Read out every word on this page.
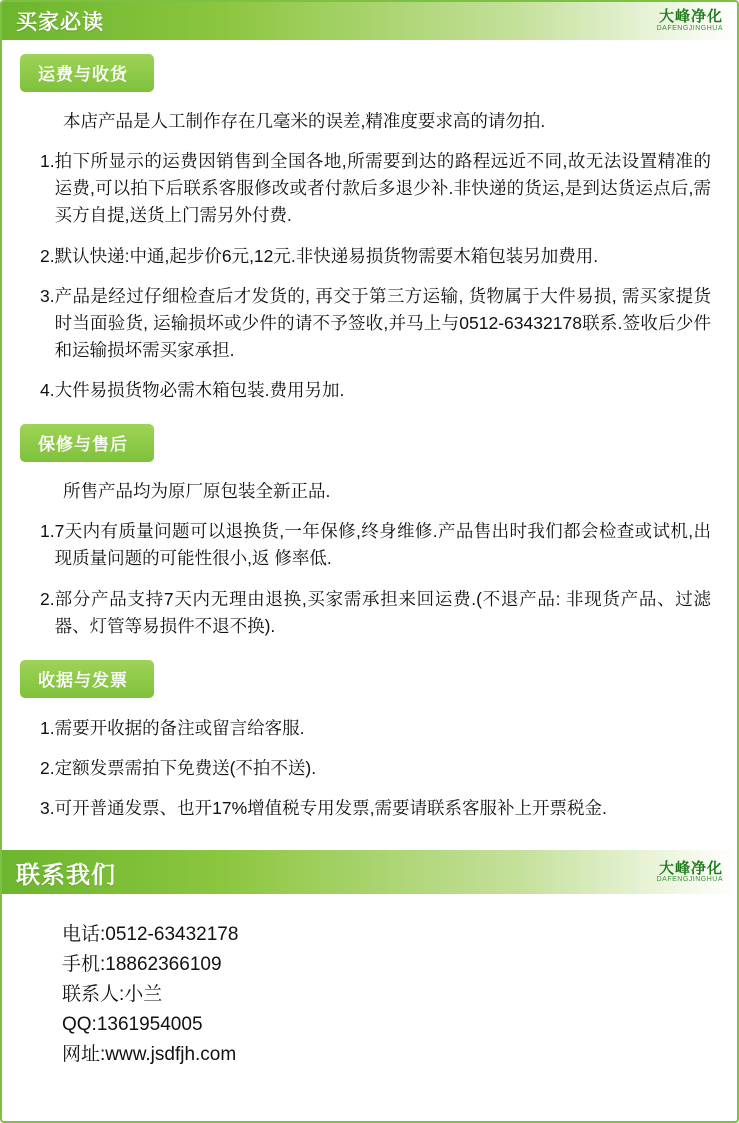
买家必读	大峰净化
DAFENGJINGHUA
运费与收货

本店产品是人工制作存在几毫米的误差,精准度要求高的请勿拍.

1. 拍下所显示的运费因销售到全国各地,所需要到达的路程远近不同,故无法设置精准的运费,可以拍下后联系客服修改或者付款后多退少补.非快递的货运,是到达货运点后,需买方自提,送货上门需另外付费.
2. 默认快递:中通,起步价6元,12元.非快递易损货物需要木箱包装另加费用.
3. 产品是经过仔细检查后才发货的, 再交于第三方运输, 货物属于大件易损, 需买家提货时当面验货, 运输损坏或少件的请不予签收,并马上与0512-63432178联系.签收后少件和运输损坏需买家承担.
4. 大件易损货物必需木箱包装.费用另加.
保修与售后

所售产品均为原厂原包装全新正品.

1. 7天内有质量问题可以退换货,一年保修,终身维修.产品售出时我们都会检查或试机,出现质量问题的可能性很小,返 修率低.
2. 部分产品支持7天内无理由退换,买家需承担来回运费.(不退产品: 非现货产品、过滤器、灯管等易损件不退不换).
收据与发票
1. 需要开收据的备注或留言给客服.
2. 定额发票需拍下免费送(不拍不送).
3. 可开普通发票、也开17%增值税专用发票,需要请联系客服补上开票税金.
联系我们	大峰净化
DAFENGJINGHUA
电话:0512-63432178
手机:18862366109
联系人:小兰
QQ:1361954005
网址:www.jsdfjh.com
